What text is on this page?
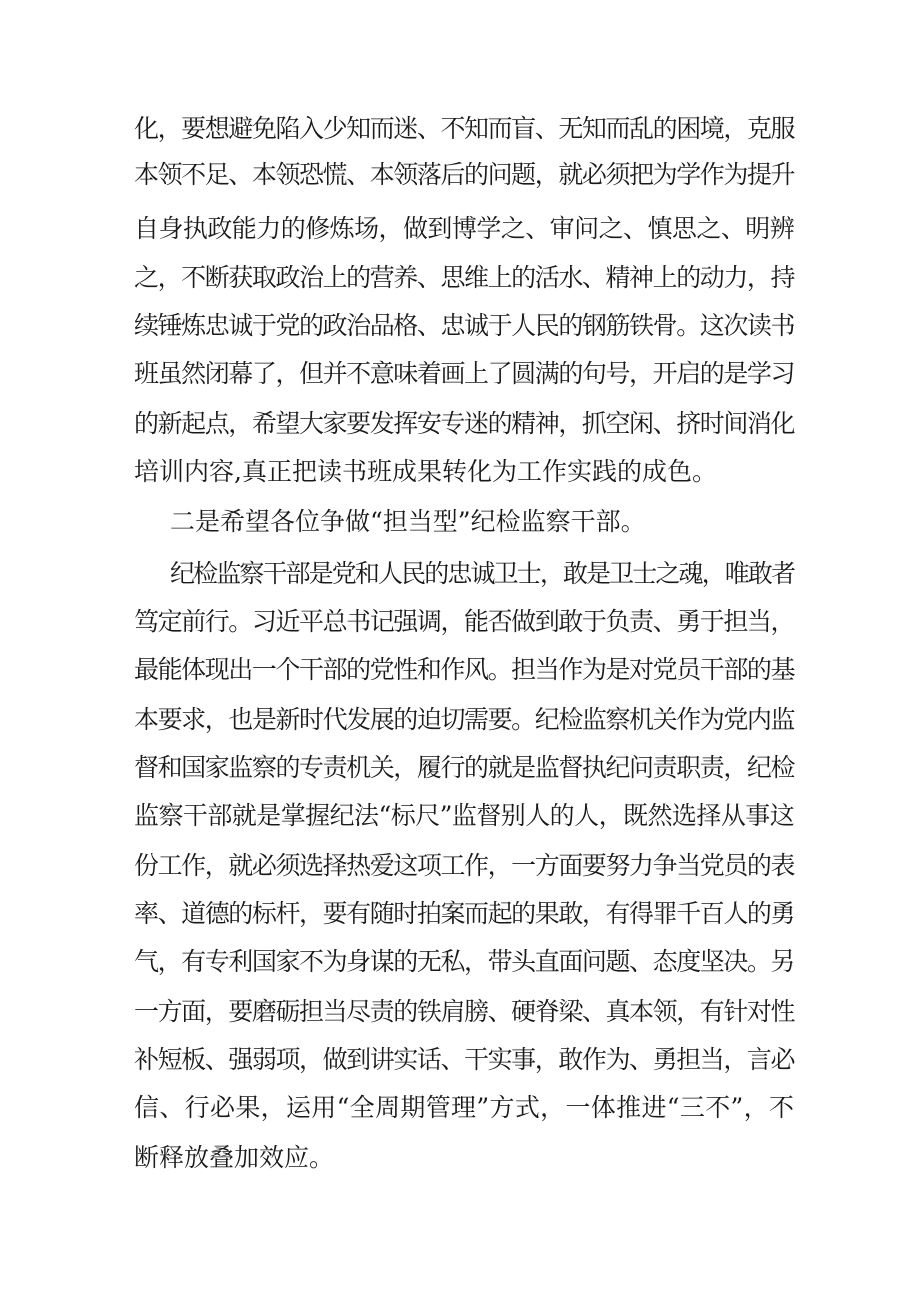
化，要想避免陷入少知而迷、不知而盲、无知而乱的困境，克服
本领不足、本领恐慌、本领落后的问题，就必须把为学作为提升
自身执政能力的修炼场，做到博学之、审问之、慎思之、明辨
之，不断获取政治上的营养、思维上的活水、精神上的动力，持
续锤炼忠诚于党的政治品格、忠诚于人民的钢筋铁骨。这次读书
班虽然闭幕了，但并不意味着画上了圆满的句号，开启的是学习
的新起点，希望大家要发挥安专迷的精神，抓空闲、挤时间消化
培训内容,真正把读书班成果转化为工作实践的成色。
二是希望各位争做“担当型”纪检监察干部。
纪检监察干部是党和人民的忠诚卫士，敢是卫士之魂，唯敢者
笃定前行。习近平总书记强调，能否做到敢于负责、勇于担当，
最能体现出一个干部的党性和作风。担当作为是对党员干部的基
本要求，也是新时代发展的迫切需要。纪检监察机关作为党内监
督和国家监察的专责机关，履行的就是监督执纪问责职责，纪检
监察干部就是掌握纪法“标尺”监督别人的人，既然选择从事这
份工作，就必须选择热爱这项工作，一方面要努力争当党员的表
率、道德的标杆，要有随时拍案而起的果敢，有得罪千百人的勇
气，有专利国家不为身谋的无私，带头直面问题、态度坚决。另
一方面，要磨砺担当尽责的铁肩膀、硬脊梁、真本领，有针对性
补短板、强弱项，做到讲实话、干实事，敢作为、勇担当，言必
信、行必果，运用“全周期管理”方式，一体推进“三不”，不
断释放叠加效应。
